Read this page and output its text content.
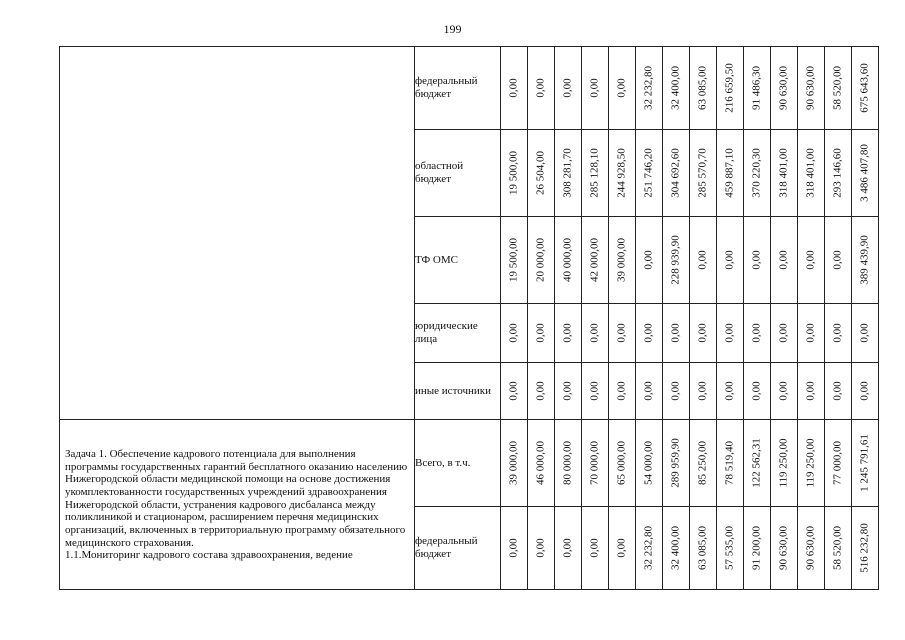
199
	федеральный бюджет	0,00	0,00	0,00	0,00	0,00	32 232,80	32 400,00	63 085,00	216 659,50	91 486,30	90 630,00	90 630,00	58 520,00	675 643,60

	областной бюджет	19 500,00	26 504,00	308 281,70	285 128,10	244 928,50	251 746,20	304 692,60	285 570,70	459 887,10	370 220,30	318 401,00	318 401,00	293 146,60	3 486 407,80

	ТФ ОМС	19 500,00	20 000,00	40 000,00	42 000,00	39 000,00	0,00	228 939,90	0,00	0,00	0,00	0,00	0,00	0,00	389 439,90

	юридические лица	0,00	0,00	0,00	0,00	0,00	0,00	0,00	0,00	0,00	0,00	0,00	0,00	0,00	0,00

	иные источники	0,00	0,00	0,00	0,00	0,00	0,00	0,00	0,00	0,00	0,00	0,00	0,00	0,00	0,00

Задача 1. Обеспечение кадрового потенциала для выполнения программы государственных гарантий бесплатного оказанию населению Нижегородской области медицинской помощи на основе достижения укомплектованности государственных учреждений здравоохранения Нижегородской области, устранения кадрового дисбаланса между поликлиникой и стационаром, расширением перечня медицинских организаций, включенных в территориальную программу обязательного медицинского страхования.
1.1.Мониторинг кадрового состава здравоохранения, ведение	Всего, в т.ч.	39 000,00	46 000,00	80 000,00	70 000,00	65 000,00	54 000,00	289 959,90	85 250,00	78 519,40	122 562,31	119 250,00	119 250,00	77 000,00	1 245 791,61

	федеральный бюджет	0,00	0,00	0,00	0,00	0,00	32 232,80	32 400,00	63 085,00	57 535,00	91 200,00	90 630,00	90 630,00	58 520,00	516 232,80
